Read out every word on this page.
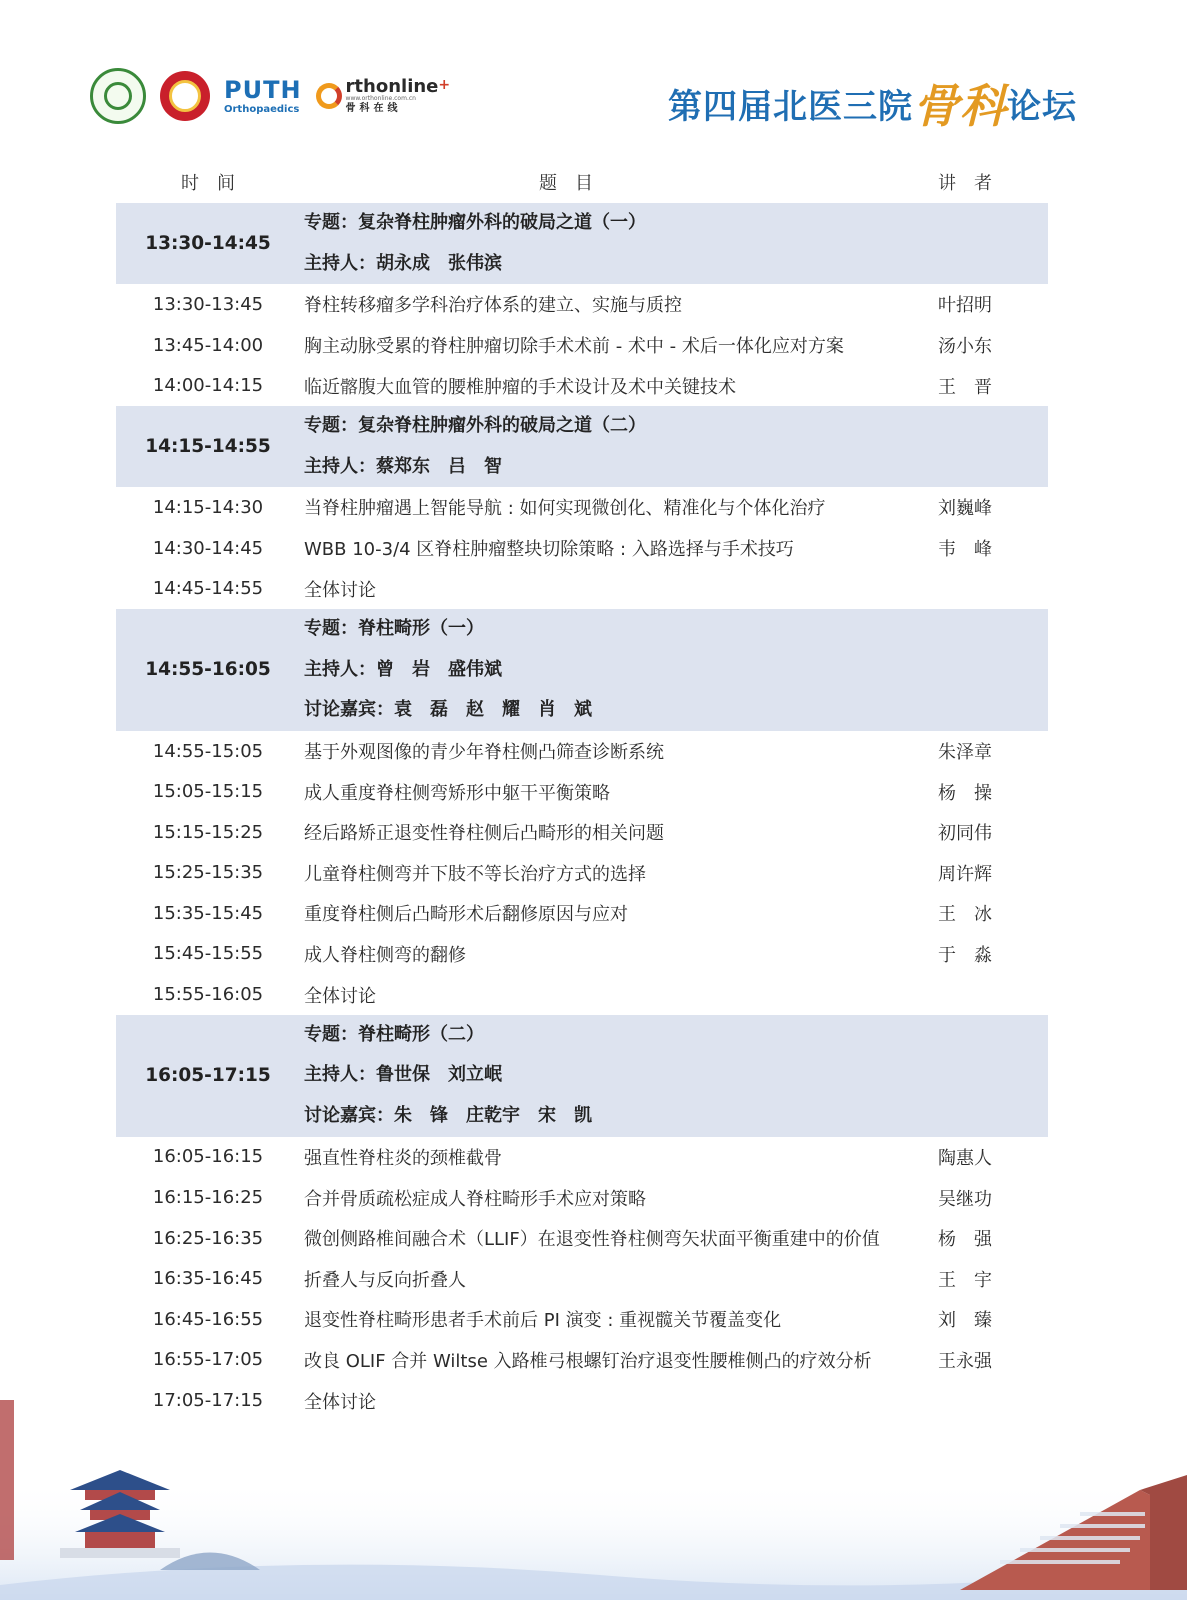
PUTH
Orthopaedics
rthonline+
www.orthonline.com.cn
骨科在线	第四届北医三院骨科论坛
时　间	题　目	讲　者
13:30-14:45
专题：复杂脊柱肿瘤外科的破局之道（一）
主持人：胡永成　张伟滨
13:30-13:45	脊柱转移瘤多学科治疗体系的建立、实施与质控	叶招明
13:45-14:00	胸主动脉受累的脊柱肿瘤切除手术术前 - 术中 - 术后一体化应对方案	汤小东
14:00-14:15	临近髂腹大血管的腰椎肿瘤的手术设计及术中关键技术	王　晋
14:15-14:55
专题：复杂脊柱肿瘤外科的破局之道（二）
主持人：蔡郑东　吕　智
14:15-14:30	当脊柱肿瘤遇上智能导航 : 如何实现微创化、精准化与个体化治疗	刘巍峰
14:30-14:45	WBB 10-3/4 区脊柱肿瘤整块切除策略 : 入路选择与手术技巧	韦　峰
14:45-14:55	全体讨论
14:55-16:05
专题：脊柱畸形（一）
主持人：曾　岩　盛伟斌
讨论嘉宾：袁　磊　赵　耀　肖　斌
14:55-15:05	基于外观图像的青少年脊柱侧凸筛查诊断系统	朱泽章
15:05-15:15	成人重度脊柱侧弯矫形中躯干平衡策略	杨　操
15:15-15:25	经后路矫正退变性脊柱侧后凸畸形的相关问题	初同伟
15:25-15:35	儿童脊柱侧弯并下肢不等长治疗方式的选择	周许辉
15:35-15:45	重度脊柱侧后凸畸形术后翻修原因与应对	王　冰
15:45-15:55	成人脊柱侧弯的翻修	于　淼
15:55-16:05	全体讨论
16:05-17:15
专题：脊柱畸形（二）
主持人：鲁世保　刘立岷
讨论嘉宾：朱　锋　庄乾宇　宋　凯
16:05-16:15	强直性脊柱炎的颈椎截骨	陶惠人
16:15-16:25	合并骨质疏松症成人脊柱畸形手术应对策略	吴继功
16:25-16:35	微创侧路椎间融合术（LLIF）在退变性脊柱侧弯矢状面平衡重建中的价值	杨　强
16:35-16:45	折叠人与反向折叠人	王　宇
16:45-16:55	退变性脊柱畸形患者手术前后 PI 演变 : 重视髋关节覆盖变化	刘　臻
16:55-17:05	改良 OLIF 合并 Wiltse 入路椎弓根螺钉治疗退变性腰椎侧凸的疗效分析	王永强
17:05-17:15	全体讨论
